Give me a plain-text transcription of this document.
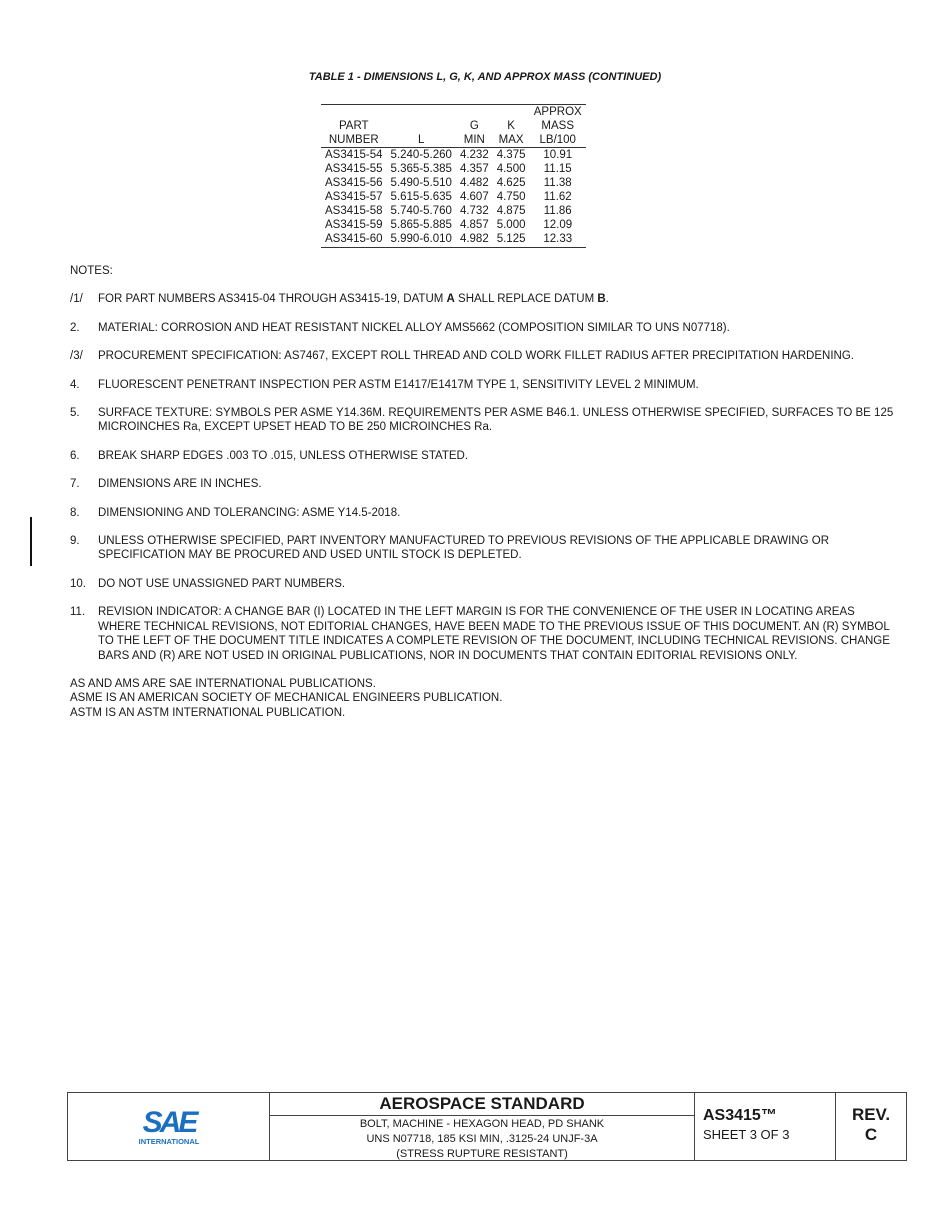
TABLE 1 - DIMENSIONS L, G, K, AND APPROX MASS (CONTINUED)
				APPROX
PART		G	K	MASS
NUMBER	L	MIN	MAX	LB/100
AS3415-54	5.240-5.260	4.232	4.375	10.91
AS3415-55	5.365-5.385	4.357	4.500	11.15
AS3415-56	5.490-5.510	4.482	4.625	11.38
AS3415-57	5.615-5.635	4.607	4.750	11.62
AS3415-58	5.740-5.760	4.732	4.875	11.86
AS3415-59	5.865-5.885	4.857	5.000	12.09
AS3415-60	5.990-6.010	4.982	5.125	12.33
NOTES:
/1/	FOR PART NUMBERS AS3415-04 THROUGH AS3415-19, DATUM A SHALL REPLACE DATUM B.
2.	MATERIAL: CORROSION AND HEAT RESISTANT NICKEL ALLOY AMS5662 (COMPOSITION SIMILAR TO UNS N07718).
/3/	PROCUREMENT SPECIFICATION: AS7467, EXCEPT ROLL THREAD AND COLD WORK FILLET RADIUS AFTER PRECIPITATION HARDENING.
4.	FLUORESCENT PENETRANT INSPECTION PER ASTM E1417/E1417M TYPE 1, SENSITIVITY LEVEL 2 MINIMUM.
5.	SURFACE TEXTURE: SYMBOLS PER ASME Y14.36M. REQUIREMENTS PER ASME B46.1. UNLESS OTHERWISE SPECIFIED, SURFACES TO BE 125 MICROINCHES Ra, EXCEPT UPSET HEAD TO BE 250 MICROINCHES Ra.
6.	BREAK SHARP EDGES .003 TO .015, UNLESS OTHERWISE STATED.
7.	DIMENSIONS ARE IN INCHES.
8.	DIMENSIONING AND TOLERANCING: ASME Y14.5-2018.
9.	UNLESS OTHERWISE SPECIFIED, PART INVENTORY MANUFACTURED TO PREVIOUS REVISIONS OF THE APPLICABLE DRAWING OR SPECIFICATION MAY BE PROCURED AND USED UNTIL STOCK IS DEPLETED.
10.	DO NOT USE UNASSIGNED PART NUMBERS.
11.	REVISION INDICATOR: A CHANGE BAR (I) LOCATED IN THE LEFT MARGIN IS FOR THE CONVENIENCE OF THE USER IN LOCATING AREAS WHERE TECHNICAL REVISIONS, NOT EDITORIAL CHANGES, HAVE BEEN MADE TO THE PREVIOUS ISSUE OF THIS DOCUMENT. AN (R) SYMBOL TO THE LEFT OF THE DOCUMENT TITLE INDICATES A COMPLETE REVISION OF THE DOCUMENT, INCLUDING TECHNICAL REVISIONS. CHANGE BARS AND (R) ARE NOT USED IN ORIGINAL PUBLICATIONS, NOR IN DOCUMENTS THAT CONTAIN EDITORIAL REVISIONS ONLY.
AS AND AMS ARE SAE INTERNATIONAL PUBLICATIONS.
ASME IS AN AMERICAN SOCIETY OF MECHANICAL ENGINEERS PUBLICATION.
ASTM IS AN ASTM INTERNATIONAL PUBLICATION.
SAE
INTERNATIONAL
AEROSPACE STANDARD
BOLT, MACHINE - HEXAGON HEAD, PD SHANK
UNS N07718, 185 KSI MIN, .3125-24 UNJF-3A
(STRESS RUPTURE RESISTANT)
AS3415™
SHEET 3 OF 3
REV.
C
